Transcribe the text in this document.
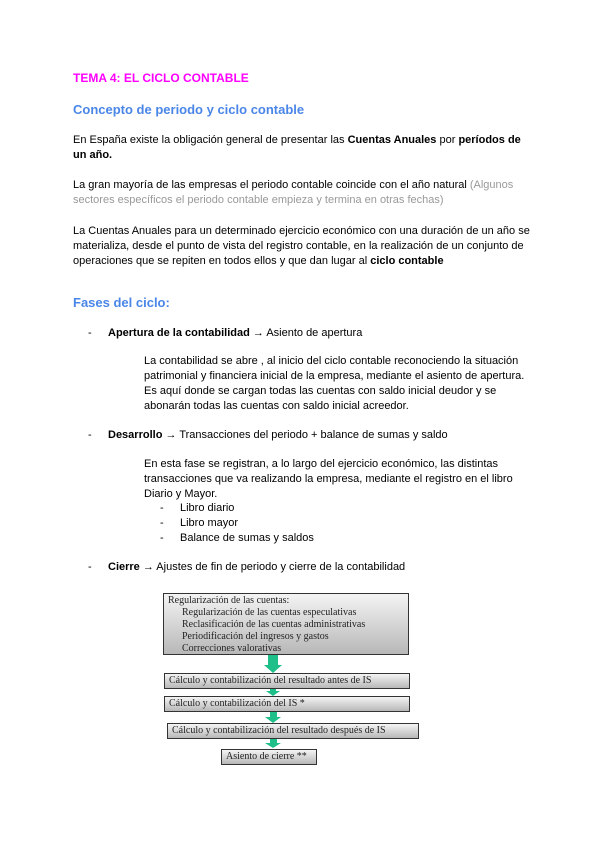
TEMA 4: EL CICLO CONTABLE
Concepto de periodo y ciclo contable
En España existe la obligación general de presentar las Cuentas Anuales por períodos de un año.
La gran mayoría de las empresas el periodo contable coincide con el año natural (Algunos sectores específicos el periodo contable empieza y termina en otras fechas)
La Cuentas Anuales para un determinado ejercicio económico con una duración de un año se materializa, desde el punto de vista del registro contable, en la realización de un conjunto de operaciones que se repiten en todos ellos y que dan lugar al ciclo contable
Fases del ciclo:
- Apertura de la contabilidad → Asiento de apertura
La contabilidad se abre , al inicio del ciclo contable reconociendo la situación patrimonial y financiera inicial de la empresa, mediante el asiento de apertura. Es aquí donde se cargan todas las cuentas con saldo inicial deudor y se abonarán todas las cuentas con saldo inicial acreedor.
- Desarrollo → Transacciones del periodo + balance de sumas y saldo
En esta fase se registran, a lo largo del ejercicio económico, las distintas transacciones que va realizando la empresa, mediante el registro en el libro Diario y Mayor.
- Libro diario
- Libro mayor
- Balance de sumas y saldos
- Cierre → Ajustes de fin de periodo y cierre de la contabilidad
Regularización de las cuentas:
Regularización de las cuentas especulativas
Reclasificación de las cuentas administrativas
Periodificación del ingresos y gastos
Correcciones valorativas
Cálculo y contabilización del resultado antes de IS
Cálculo y contabilización del IS *
Cálculo y contabilización del resultado después de IS
Asiento de cierre **
